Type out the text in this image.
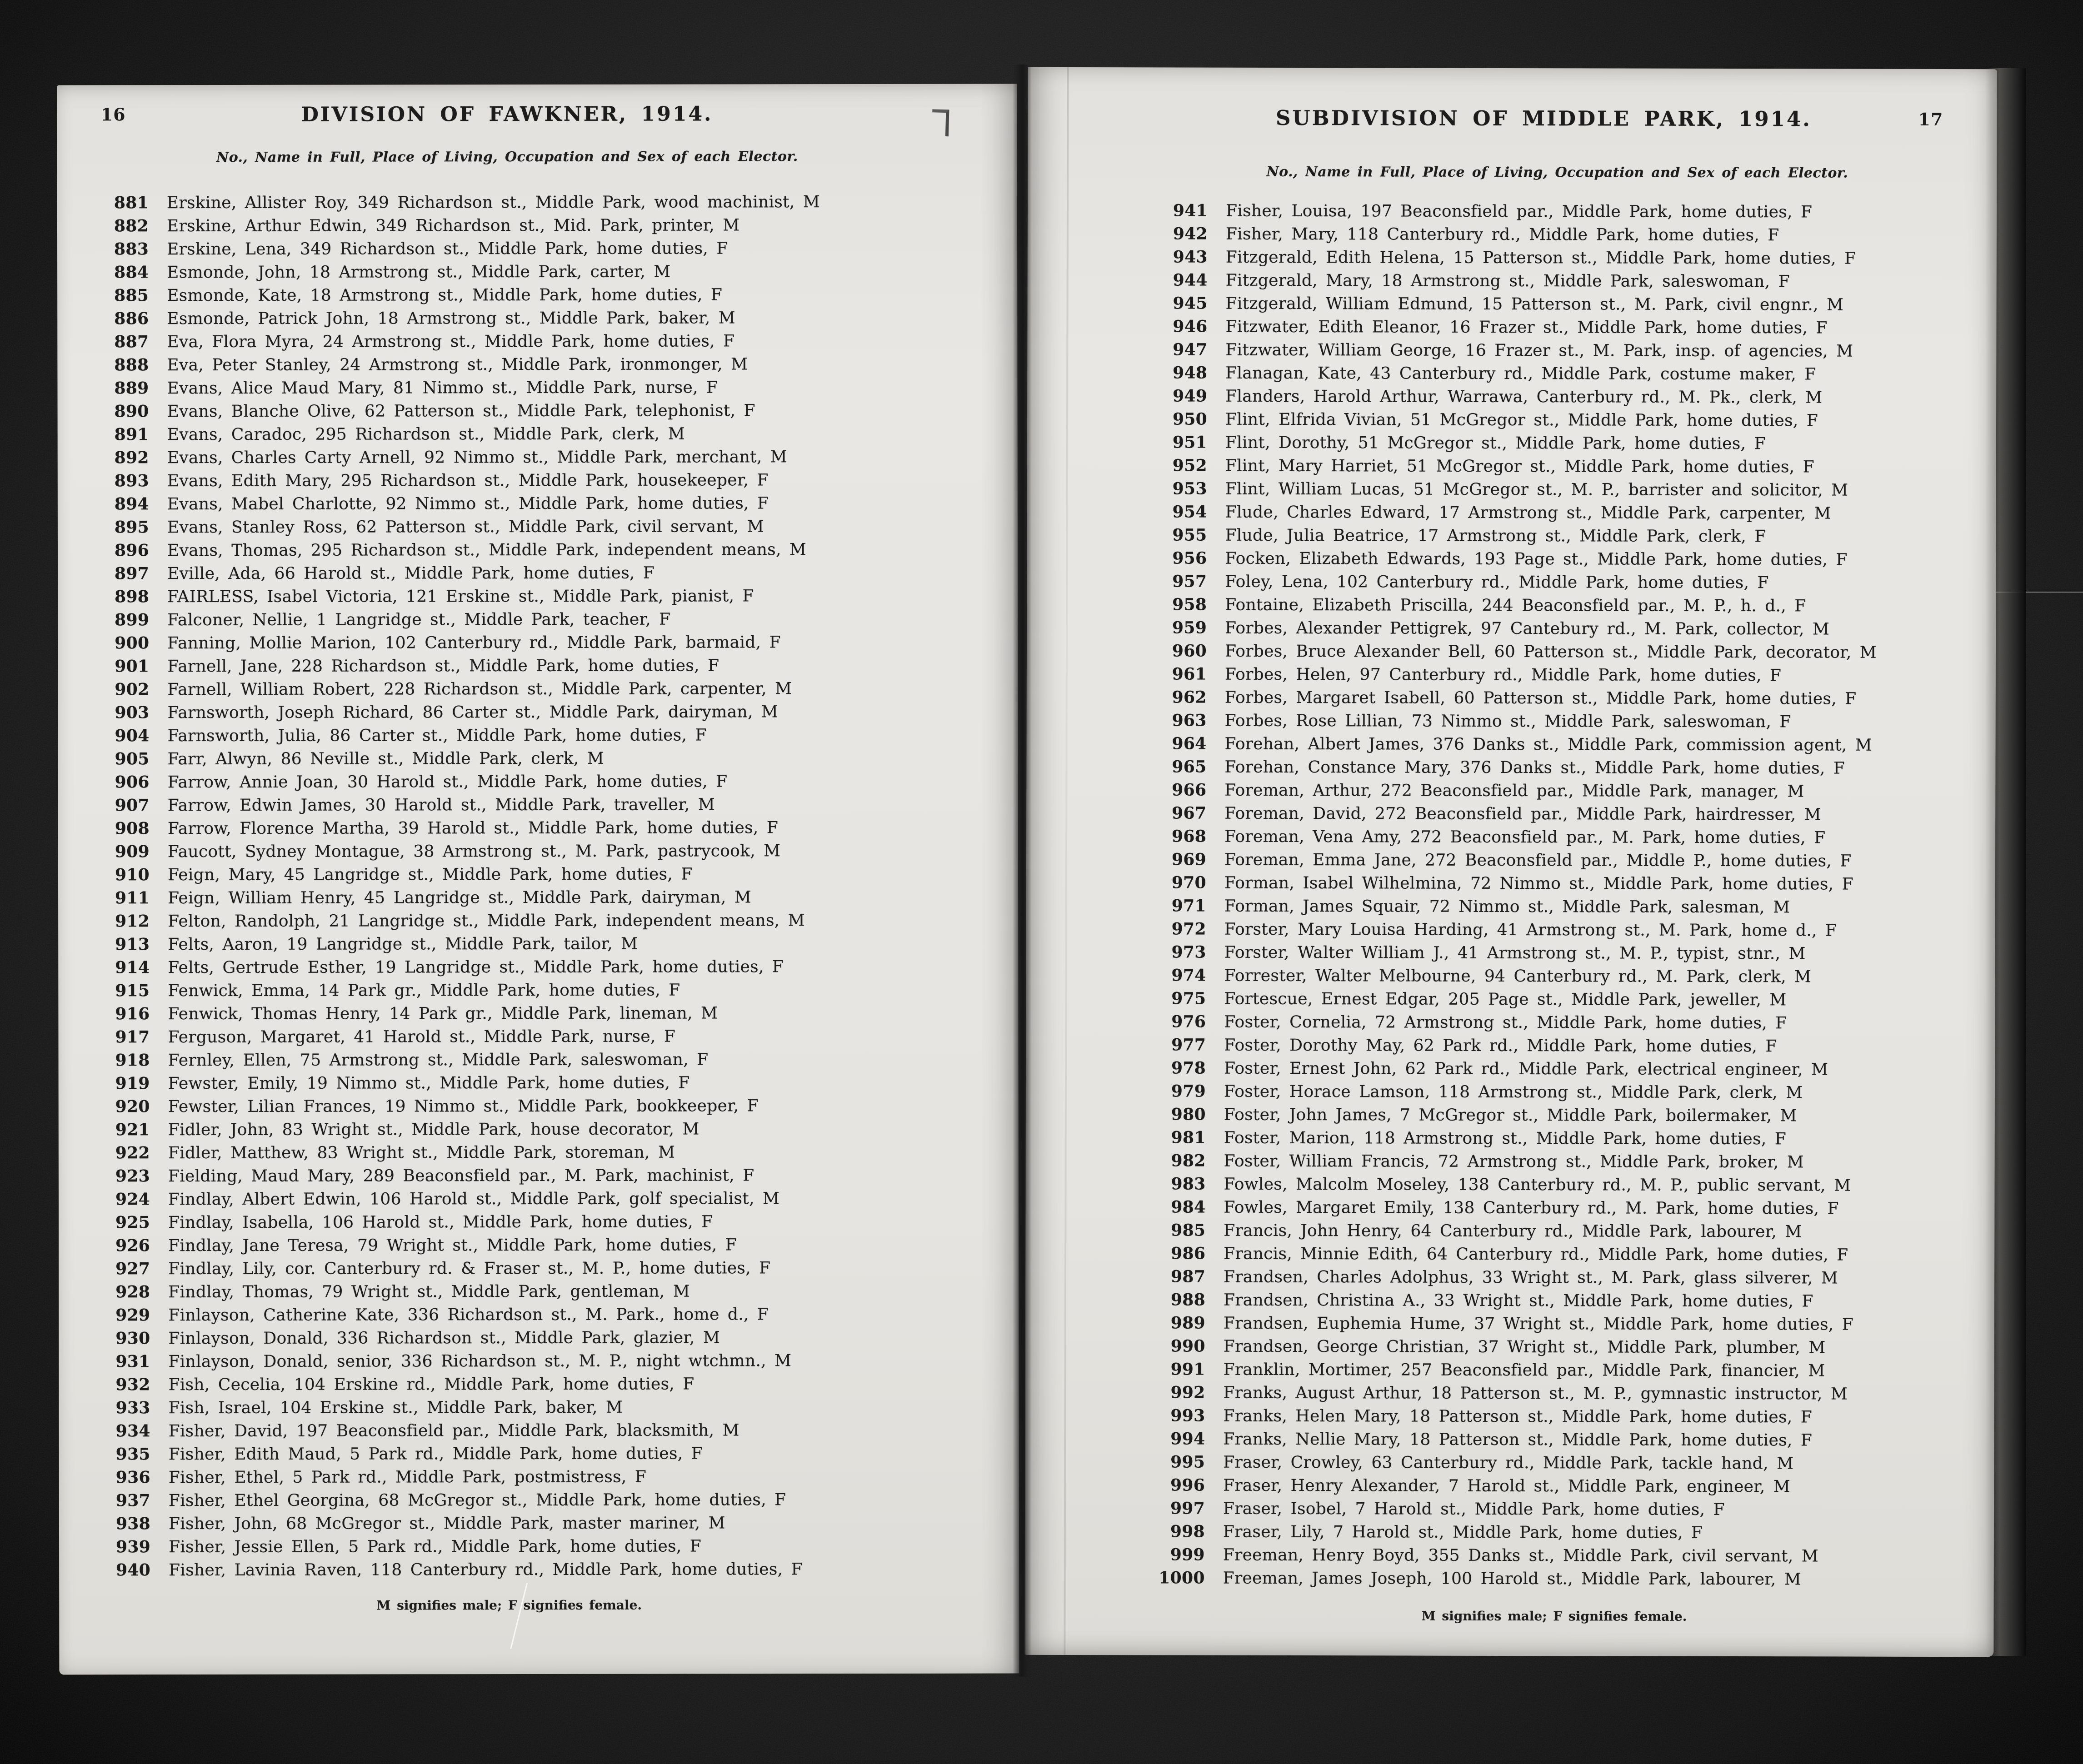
16	DIVISION OF FAWKNER, 1914.
No., Name in Full, Place of Living, Occupation and Sex of each Elector.
881 Erskine, Allister Roy, 349 Richardson st., Middle Park, wood machinist, M
882 Erskine, Arthur Edwin, 349 Richardson st., Mid. Park, printer, M
883 Erskine, Lena, 349 Richardson st., Middle Park, home duties, F
884 Esmonde, John, 18 Armstrong st., Middle Park, carter, M
885 Esmonde, Kate, 18 Armstrong st., Middle Park, home duties, F
886 Esmonde, Patrick John, 18 Armstrong st., Middle Park, baker, M
887 Eva, Flora Myra, 24 Armstrong st., Middle Park, home duties, F
888 Eva, Peter Stanley, 24 Armstrong st., Middle Park, ironmonger, M
889 Evans, Alice Maud Mary, 81 Nimmo st., Middle Park, nurse, F
890 Evans, Blanche Olive, 62 Patterson st., Middle Park, telephonist, F
891 Evans, Caradoc, 295 Richardson st., Middle Park, clerk, M
892 Evans, Charles Carty Arnell, 92 Nimmo st., Middle Park, merchant, M
893 Evans, Edith Mary, 295 Richardson st., Middle Park, housekeeper, F
894 Evans, Mabel Charlotte, 92 Nimmo st., Middle Park, home duties, F
895 Evans, Stanley Ross, 62 Patterson st., Middle Park, civil servant, M
896 Evans, Thomas, 295 Richardson st., Middle Park, independent means, M
897 Eville, Ada, 66 Harold st., Middle Park, home duties, F
898 FAIRLESS, Isabel Victoria, 121 Erskine st., Middle Park, pianist, F
899 Falconer, Nellie, 1 Langridge st., Middle Park, teacher, F
900 Fanning, Mollie Marion, 102 Canterbury rd., Middle Park, barmaid, F
901 Farnell, Jane, 228 Richardson st., Middle Park, home duties, F
902 Farnell, William Robert, 228 Richardson st., Middle Park, carpenter, M
903 Farnsworth, Joseph Richard, 86 Carter st., Middle Park, dairyman, M
904 Farnsworth, Julia, 86 Carter st., Middle Park, home duties, F
905 Farr, Alwyn, 86 Neville st., Middle Park, clerk, M
906 Farrow, Annie Joan, 30 Harold st., Middle Park, home duties, F
907 Farrow, Edwin James, 30 Harold st., Middle Park, traveller, M
908 Farrow, Florence Martha, 39 Harold st., Middle Park, home duties, F
909 Faucott, Sydney Montague, 38 Armstrong st., M. Park, pastrycook, M
910 Feign, Mary, 45 Langridge st., Middle Park, home duties, F
911 Feign, William Henry, 45 Langridge st., Middle Park, dairyman, M
912 Felton, Randolph, 21 Langridge st., Middle Park, independent means, M
913 Felts, Aaron, 19 Langridge st., Middle Park, tailor, M
914 Felts, Gertrude Esther, 19 Langridge st., Middle Park, home duties, F
915 Fenwick, Emma, 14 Park gr., Middle Park, home duties, F
916 Fenwick, Thomas Henry, 14 Park gr., Middle Park, lineman, M
917 Ferguson, Margaret, 41 Harold st., Middle Park, nurse, F
918 Fernley, Ellen, 75 Armstrong st., Middle Park, saleswoman, F
919 Fewster, Emily, 19 Nimmo st., Middle Park, home duties, F
920 Fewster, Lilian Frances, 19 Nimmo st., Middle Park, bookkeeper, F
921 Fidler, John, 83 Wright st., Middle Park, house decorator, M
922 Fidler, Matthew, 83 Wright st., Middle Park, storeman, M
923 Fielding, Maud Mary, 289 Beaconsfield par., M. Park, machinist, F
924 Findlay, Albert Edwin, 106 Harold st., Middle Park, golf specialist, M
925 Findlay, Isabella, 106 Harold st., Middle Park, home duties, F
926 Findlay, Jane Teresa, 79 Wright st., Middle Park, home duties, F
927 Findlay, Lily, cor. Canterbury rd. & Fraser st., M. P., home duties, F
928 Findlay, Thomas, 79 Wright st., Middle Park, gentleman, M
929 Finlayson, Catherine Kate, 336 Richardson st., M. Park., home d., F
930 Finlayson, Donald, 336 Richardson st., Middle Park, glazier, M
931 Finlayson, Donald, senior, 336 Richardson st., M. P., night wtchmn., M
932 Fish, Cecelia, 104 Erskine rd., Middle Park, home duties, F
933 Fish, Israel, 104 Erskine st., Middle Park, baker, M
934 Fisher, David, 197 Beaconsfield par., Middle Park, blacksmith, M
935 Fisher, Edith Maud, 5 Park rd., Middle Park, home duties, F
936 Fisher, Ethel, 5 Park rd., Middle Park, postmistress, F
937 Fisher, Ethel Georgina, 68 McGregor st., Middle Park, home duties, F
938 Fisher, John, 68 McGregor st., Middle Park, master mariner, M
939 Fisher, Jessie Ellen, 5 Park rd., Middle Park, home duties, F
940 Fisher, Lavinia Raven, 118 Canterbury rd., Middle Park, home duties, F
M signifies male; F signifies female.
17
SUBDIVISION OF MIDDLE PARK, 1914.
No., Name in Full, Place of Living, Occupation and Sex of each Elector.
941 Fisher, Louisa, 197 Beaconsfield par., Middle Park, home duties, F
942 Fisher, Mary, 118 Canterbury rd., Middle Park, home duties, F
943 Fitzgerald, Edith Helena, 15 Patterson st., Middle Park, home duties, F
944 Fitzgerald, Mary, 18 Armstrong st., Middle Park, saleswoman, F
945 Fitzgerald, William Edmund, 15 Patterson st., M. Park, civil engnr., M
946 Fitzwater, Edith Eleanor, 16 Frazer st., Middle Park, home duties, F
947 Fitzwater, William George, 16 Frazer st., M. Park, insp. of agencies, M
948 Flanagan, Kate, 43 Canterbury rd., Middle Park, costume maker, F
949 Flanders, Harold Arthur, Warrawa, Canterbury rd., M. Pk., clerk, M
950 Flint, Elfrida Vivian, 51 McGregor st., Middle Park, home duties, F
951 Flint, Dorothy, 51 McGregor st., Middle Park, home duties, F
952 Flint, Mary Harriet, 51 McGregor st., Middle Park, home duties, F
953 Flint, William Lucas, 51 McGregor st., M. P., barrister and solicitor, M
954 Flude, Charles Edward, 17 Armstrong st., Middle Park, carpenter, M
955 Flude, Julia Beatrice, 17 Armstrong st., Middle Park, clerk, F
956 Focken, Elizabeth Edwards, 193 Page st., Middle Park, home duties, F
957 Foley, Lena, 102 Canterbury rd., Middle Park, home duties, F
958 Fontaine, Elizabeth Priscilla, 244 Beaconsfield par., M. P., h. d., F
959 Forbes, Alexander Pettigrek, 97 Cantebury rd., M. Park, collector, M
960 Forbes, Bruce Alexander Bell, 60 Patterson st., Middle Park, decorator, M
961 Forbes, Helen, 97 Canterbury rd., Middle Park, home duties, F
962 Forbes, Margaret Isabell, 60 Patterson st., Middle Park, home duties, F
963 Forbes, Rose Lillian, 73 Nimmo st., Middle Park, saleswoman, F
964 Forehan, Albert James, 376 Danks st., Middle Park, commission agent, M
965 Forehan, Constance Mary, 376 Danks st., Middle Park, home duties, F
966 Foreman, Arthur, 272 Beaconsfield par., Middle Park, manager, M
967 Foreman, David, 272 Beaconsfield par., Middle Park, hairdresser, M
968 Foreman, Vena Amy, 272 Beaconsfield par., M. Park, home duties, F
969 Foreman, Emma Jane, 272 Beaconsfield par., Middle P., home duties, F
970 Forman, Isabel Wilhelmina, 72 Nimmo st., Middle Park, home duties, F
971 Forman, James Squair, 72 Nimmo st., Middle Park, salesman, M
972 Forster, Mary Louisa Harding, 41 Armstrong st., M. Park, home d., F
973 Forster, Walter William J., 41 Armstrong st., M. P., typist, stnr., M
974 Forrester, Walter Melbourne, 94 Canterbury rd., M. Park, clerk, M
975 Fortescue, Ernest Edgar, 205 Page st., Middle Park, jeweller, M
976 Foster, Cornelia, 72 Armstrong st., Middle Park, home duties, F
977 Foster, Dorothy May, 62 Park rd., Middle Park, home duties, F
978 Foster, Ernest John, 62 Park rd., Middle Park, electrical engineer, M
979 Foster, Horace Lamson, 118 Armstrong st., Middle Park, clerk, M
980 Foster, John James, 7 McGregor st., Middle Park, boilermaker, M
981 Foster, Marion, 118 Armstrong st., Middle Park, home duties, F
982 Foster, William Francis, 72 Armstrong st., Middle Park, broker, M
983 Fowles, Malcolm Moseley, 138 Canterbury rd., M. P., public servant, M
984 Fowles, Margaret Emily, 138 Canterbury rd., M. Park, home duties, F
985 Francis, John Henry, 64 Canterbury rd., Middle Park, labourer, M
986 Francis, Minnie Edith, 64 Canterbury rd., Middle Park, home duties, F
987 Frandsen, Charles Adolphus, 33 Wright st., M. Park, glass silverer, M
988 Frandsen, Christina A., 33 Wright st., Middle Park, home duties, F
989 Frandsen, Euphemia Hume, 37 Wright st., Middle Park, home duties, F
990 Frandsen, George Christian, 37 Wright st., Middle Park, plumber, M
991 Franklin, Mortimer, 257 Beaconsfield par., Middle Park, financier, M
992 Franks, August Arthur, 18 Patterson st., M. P., gymnastic instructor, M
993 Franks, Helen Mary, 18 Patterson st., Middle Park, home duties, F
994 Franks, Nellie Mary, 18 Patterson st., Middle Park, home duties, F
995 Fraser, Crowley, 63 Canterbury rd., Middle Park, tackle hand, M
996 Fraser, Henry Alexander, 7 Harold st., Middle Park, engineer, M
997 Fraser, Isobel, 7 Harold st., Middle Park, home duties, F
998 Fraser, Lily, 7 Harold st., Middle Park, home duties, F
999 Freeman, Henry Boyd, 355 Danks st., Middle Park, civil servant, M
1000 Freeman, James Joseph, 100 Harold st., Middle Park, labourer, M
M signifies male; F signifies female.
